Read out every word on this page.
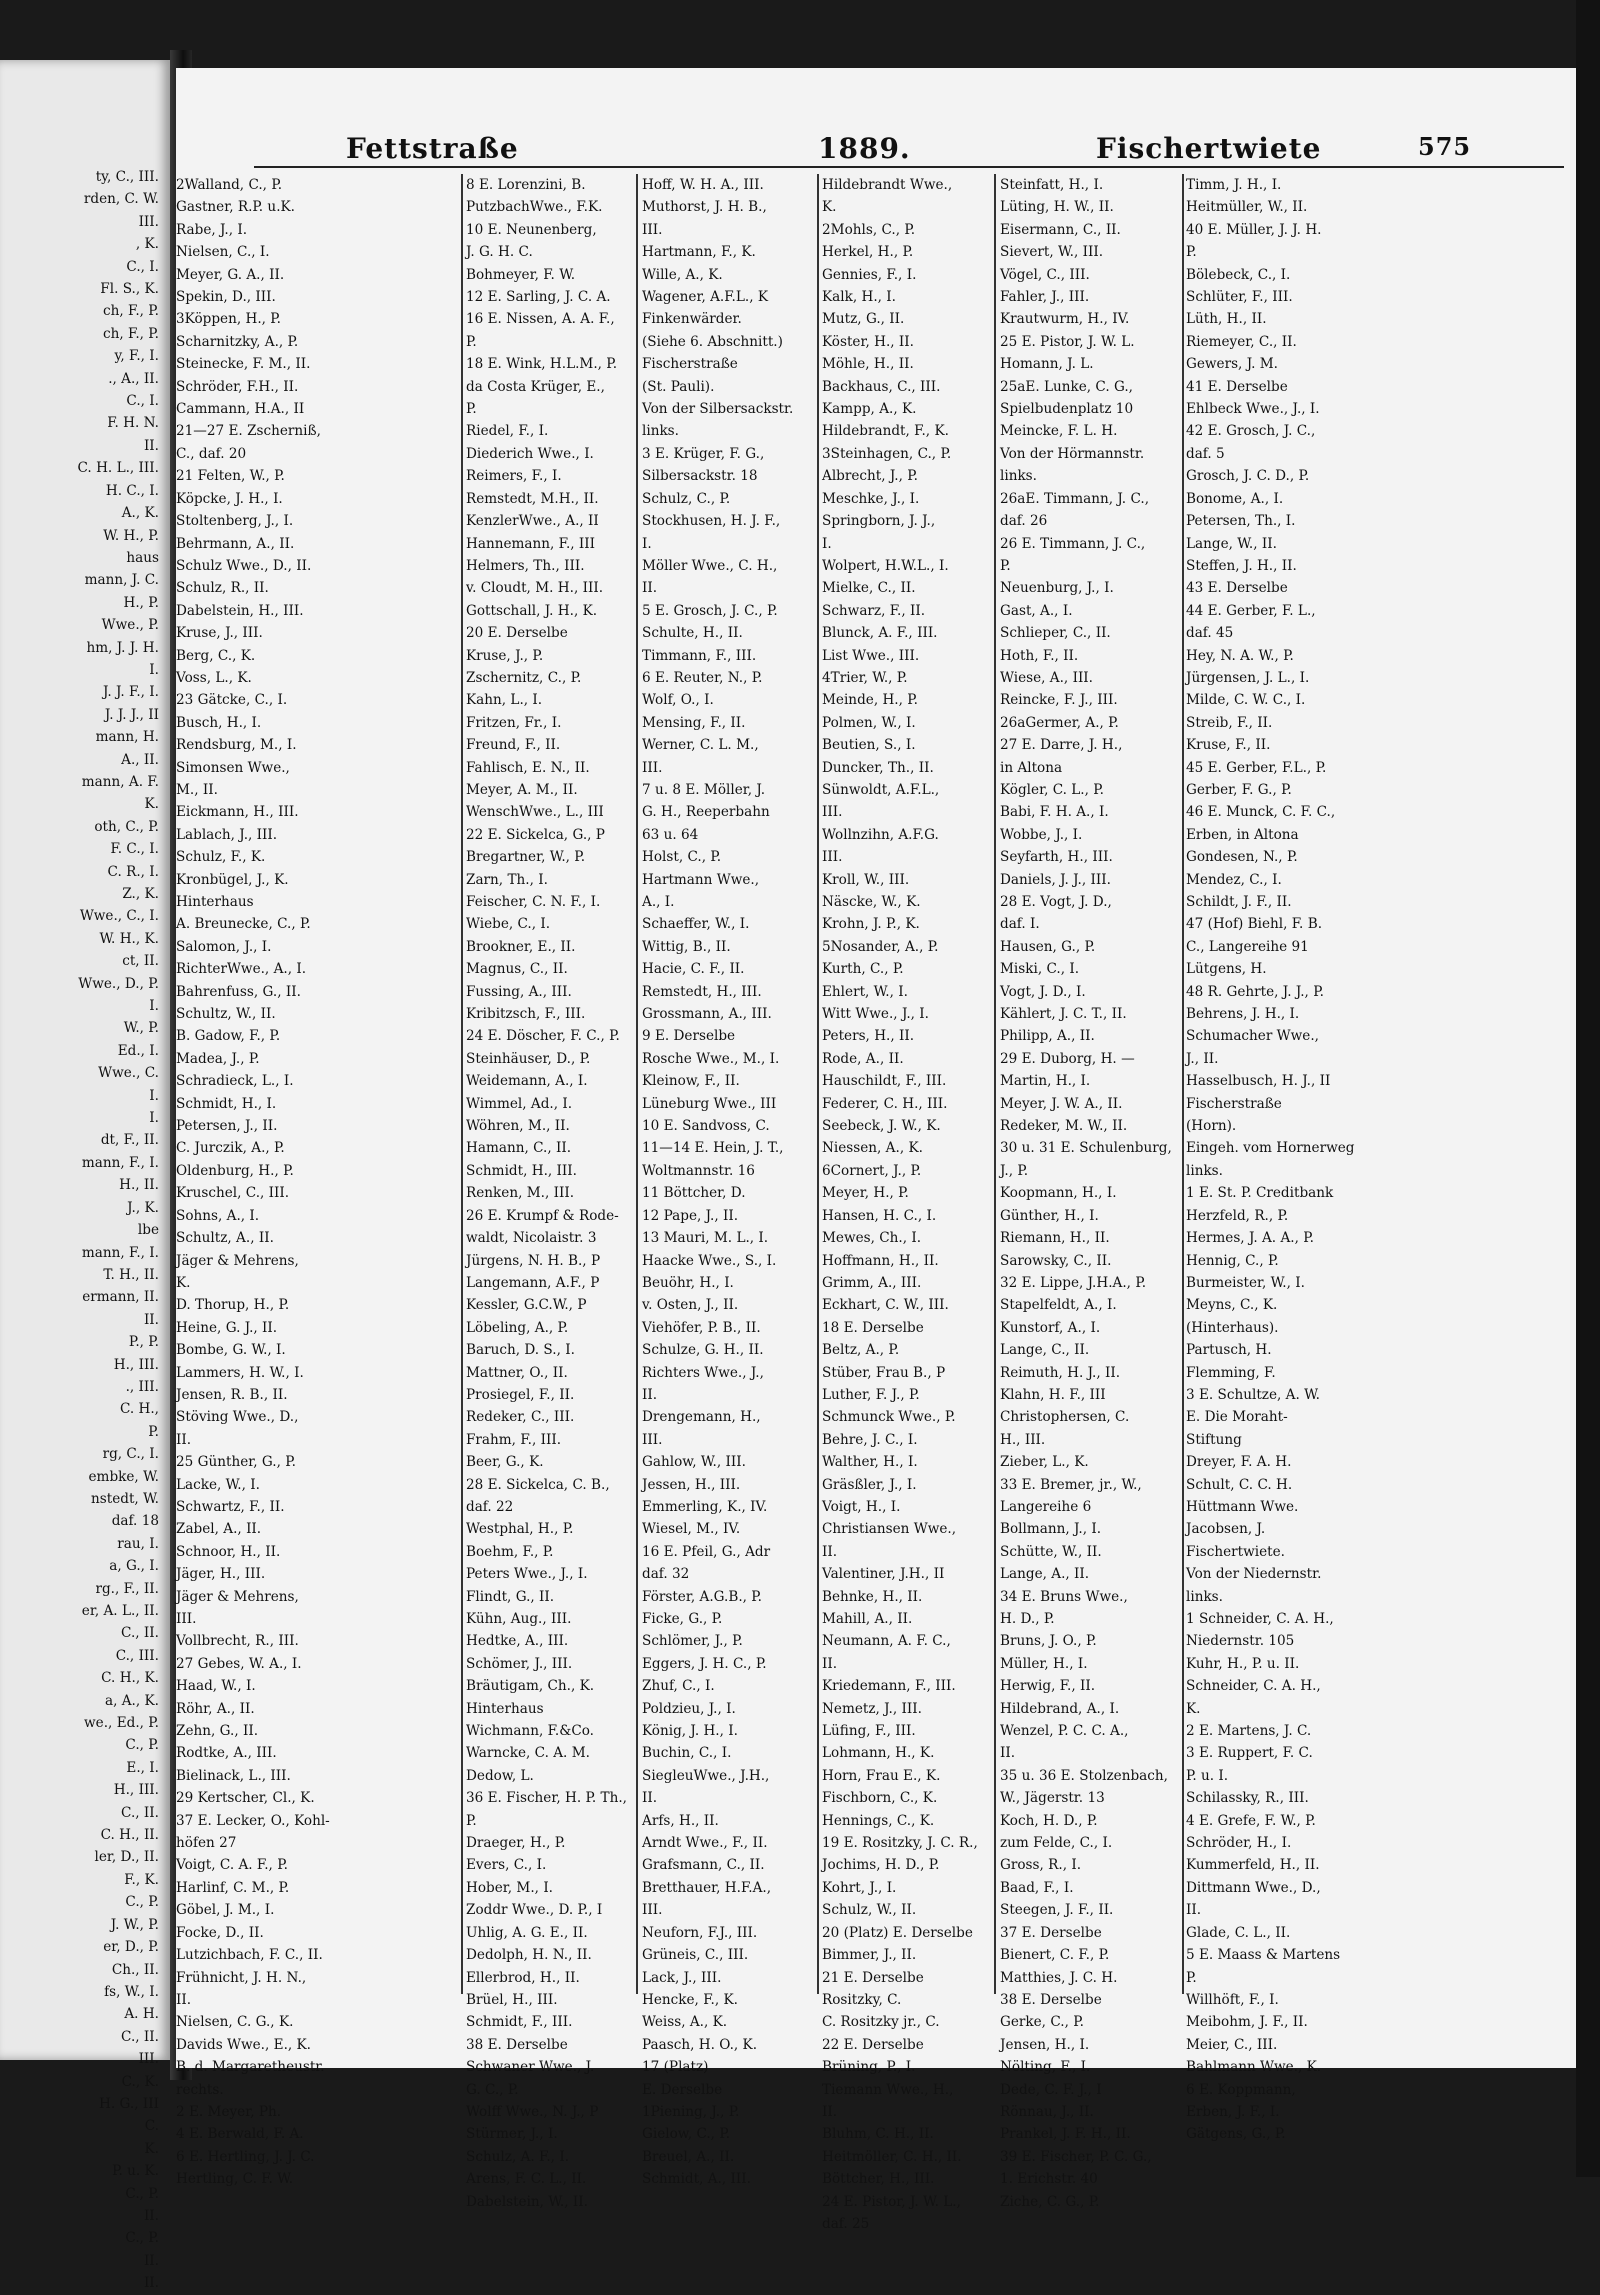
ty, C., III.
rden, C. W.
III.
, K.
C., I.
Fl. S., K.
ch, F., P.
ch, F., P.
y, F., I.
., A., II.
C., I.
F. H. N.
II.
C. H. L., III.
H. C., I.
A., K.
W. H., P.
haus
mann, J. C.
H., P.
Wwe., P.
hm, J. J. H.
I.
J. J. F., I.
J. J. J., II
mann, H.
A., II.
mann, A. F.
K.
oth, C., P.
F. C., I.
C. R., I.
Z., K.
Wwe., C., I.
W. H., K.
ct, II.
Wwe., D., P.
I.
W., P.
Ed., I.
Wwe., C.
I.
I.
dt, F., II.
mann, F., I.
H., II.
J., K.
lbe
mann, F., I.
T. H., II.
ermann, II.
II.
P., P.
H., III.
., III.
C. H.,
P.
rg, C., I.
embke, W.
nstedt, W.
daf. 18
rau, I.
a, G., I.
rg., F., II.
er, A. L., II.
C., II.
C., III.
C. H., K.
a, A., K.
we., Ed., P.
C., P.
E., I.
H., III.
C., II.
C. H., II.
ler, D., II.
F., K.
C., P.
J. W., P.
er, D., P.
Ch., II.
fs, W., I.
A. H.
C., II.
III.
C., K.
H. G., III
C.
K.
P. u. K.
C., P.
II.
C., P.
II.
II.
Fettstraße	1889.	Fischertwiete	575
2Walland, C., P.
Gastner, R.P. u.K.
Rabe, J., I.
Nielsen, C., I.
Meyer, G. A., II.
Spekin, D., III.
3Köppen, H., P.
Scharnitzky, A., P.
Steinecke, F. M., II.
Schröder, F.H., II.
Cammann, H.A., II
21—27 E. Zscherniß,
C., daf. 20
21 Felten, W., P.
Köpcke, J. H., I.
Stoltenberg, J., I.
Behrmann, A., II.
Schulz Wwe., D., II.
Schulz, R., II.
Dabelstein, H., III.
Kruse, J., III.
Berg, C., K.
Voss, L., K.
23 Gätcke, C., I.
Busch, H., I.
Rendsburg, M., I.
Simonsen Wwe.,
M., II.
Eickmann, H., III.
Lablach, J., III.
Schulz, F., K.
Kronbügel, J., K.
Hinterhaus
A. Breunecke, C., P.
Salomon, J., I.
RichterWwe., A., I.
Bahrenfuss, G., II.
Schultz, W., II.
B. Gadow, F., P.
Madea, J., P.
Schradieck, L., I.
Schmidt, H., I.
Petersen, J., II.
C. Jurczik, A., P.
Oldenburg, H., P.
Kruschel, C., III.
Sohns, A., I.
Schultz, A., II.
Jäger & Mehrens,
K.
D. Thorup, H., P.
Heine, G. J., II.
Bombe, G. W., I.
Lammers, H. W., I.
Jensen, R. B., II.
Stöving Wwe., D.,
II.
25 Günther, G., P.
Lacke, W., I.
Schwartz, F., II.
Zabel, A., II.
Schnoor, H., II.
Jäger, H., III.
Jäger & Mehrens,
III.
Vollbrecht, R., III.
27 Gebes, W. A., I.
Haad, W., I.
Röhr, A., II.
Zehn, G., II.
Rodtke, A., III.
Bielinack, L., III.
29 Kertscher, Cl., K.
37 E. Lecker, O., Kohl-
höfen 27
Voigt, C. A. F., P.
Harlinf, C. M., P.
Göbel, J. M., I.
Focke, D., II.
Lutzichbach, F. C., II.
Frühnicht, J. H. N.,
II.
Nielsen, C. G., K.
Davids Wwe., E., K.
B. d. Margaretheustr.
rechts.
2 E. Meyer, Ph.
4 E. Berwald, F. A.
6 E. Hertling, J. J. C.
Hertling, C. F. W.
8 E. Lorenzini, B.
PutzbachWwe., F.K.
10 E. Neunenberg,
J. G. H. C.
Bohmeyer, F. W.
12 E. Sarling, J. C. A.
16 E. Nissen, A. A. F.,
P.
18 E. Wink, H.L.M., P.
da Costa Krüger, E.,
P.
Riedel, F., I.
Diederich Wwe., I.
Reimers, F., I.
Remstedt, M.H., II.
KenzlerWwe., A., II
Hannemann, F., III
Helmers, Th., III.
v. Cloudt, M. H., III.
Gottschall, J. H., K.
20 E. Derselbe
Kruse, J., P.
Zschernitz, C., P.
Kahn, L., I.
Fritzen, Fr., I.
Freund, F., II.
Fahlisch, E. N., II.
Meyer, A. M., II.
WenschWwe., L., III
22 E. Sickelca, G., P
Bregartner, W., P.
Zarn, Th., I.
Feischer, C. N. F., I.
Wiebe, C., I.
Brookner, E., II.
Magnus, C., II.
Fussing, A., III.
Kribitzsch, F., III.
24 E. Döscher, F. C., P.
Steinhäuser, D., P.
Weidemann, A., I.
Wimmel, Ad., I.
Wöhren, M., II.
Hamann, C., II.
Schmidt, H., III.
Renken, M., III.
26 E. Krumpf & Rode-
waldt, Nicolaistr. 3
Jürgens, N. H. B., P
Langemann, A.F., P
Kessler, G.C.W., P
Löbeling, A., P.
Baruch, D. S., I.
Mattner, O., II.
Prosiegel, F., II.
Redeker, C., III.
Frahm, F., III.
Beer, G., K.
28 E. Sickelca, C. B.,
daf. 22
Westphal, H., P.
Boehm, F., P.
Peters Wwe., J., I.
Flindt, G., II.
Kühn, Aug., III.
Hedtke, A., III.
Schömer, J., III.
Bräutigam, Ch., K.
Hinterhaus
Wichmann, F.&Co.
Warncke, C. A. M.
Dedow, L.
36 E. Fischer, H. P. Th.,
P.
Draeger, H., P.
Evers, C., I.
Hober, M., I.
Zoddr Wwe., D. P., I
Uhlig, A. G. E., II.
Dedolph, H. N., II.
Ellerbrod, H., II.
Brüel, H., III.
Schmidt, F., III.
38 E. Derselbe
Schwaner Wwe., J.
G. C., P.
Wolff Wwe., N. J., P
Stürmer, J., I.
Schulz, A. F., I.
Arens, F. C. L., II.
Dabelstein, W., II.
Hoff, W. H. A., III.
Muthorst, J. H. B.,
III.
Hartmann, F., K.
Wille, A., K.
Wagener, A.F.L., K
Finkenwärder.
(Siehe 6. Abschnitt.)
Fischerstraße
(St. Pauli).
Von der Silbersackstr.
links.
3 E. Krüger, F. G.,
Silbersackstr. 18
Schulz, C., P.
Stockhusen, H. J. F.,
I.
Möller Wwe., C. H.,
II.
5 E. Grosch, J. C., P.
Schulte, H., II.
Timmann, F., III.
6 E. Reuter, N., P.
Wolf, O., I.
Mensing, F., II.
Werner, C. L. M.,
III.
7 u. 8 E. Möller, J.
G. H., Reeperbahn
63 u. 64
Holst, C., P.
Hartmann Wwe.,
A., I.
Schaeffer, W., I.
Wittig, B., II.
Hacie, C. F., II.
Remstedt, H., III.
Grossmann, A., III.
9 E. Derselbe
Rosche Wwe., M., I.
Kleinow, F., II.
Lüneburg Wwe., III
10 E. Sandvoss, C.
11—14 E. Hein, J. T.,
Woltmannstr. 16
11 Böttcher, D.
12 Pape, J., II.
13 Mauri, M. L., I.
Haacke Wwe., S., I.
Beuöhr, H., I.
v. Osten, J., II.
Viehöfer, P. B., II.
Schulze, G. H., II.
Richters Wwe., J.,
II.
Drengemann, H.,
III.
Gahlow, W., III.
Jessen, H., III.
Emmerling, K., IV.
Wiesel, M., IV.
16 E. Pfeil, G., Adr
daf. 32
Förster, A.G.B., P.
Ficke, G., P.
Schlömer, J., P.
Eggers, J. H. C., P.
Zhuf, C., I.
Poldzieu, J., I.
König, J. H., I.
Buchin, C., I.
SiegleuWwe., J.H.,
II.
Arfs, H., II.
Arndt Wwe., F., II.
Grafsmann, C., II.
Bretthauer, H.F.A.,
III.
Neuforn, F.J., III.
Grüneis, C., III.
Lack, J., III.
Hencke, F., K.
Weiss, A., K.
Paasch, H. O., K.
17 (Platz)
E. Derselbe
1Piening, J., P.
Gielow, C., P.
Breuel, A., II.
Schmidt, A., III.
Hildebrandt Wwe.,
K.
2Mohls, C., P.
Herkel, H., P.
Gennies, F., I.
Kalk, H., I.
Mutz, G., II.
Köster, H., II.
Möhle, H., II.
Backhaus, C., III.
Kampp, A., K.
Hildebrandt, F., K.
3Steinhagen, C., P.
Albrecht, J., P.
Meschke, J., I.
Springborn, J. J.,
I.
Wolpert, H.W.L., I.
Mielke, C., II.
Schwarz, F., II.
Blunck, A. F., III.
List Wwe., III.
4Trier, W., P.
Meinde, H., P.
Polmen, W., I.
Beutien, S., I.
Duncker, Th., II.
Sünwoldt, A.F.L.,
III.
Wollnzihn, A.F.G.
III.
Kroll, W., III.
Näscke, W., K.
Krohn, J. P., K.
5Nosander, A., P.
Kurth, C., P.
Ehlert, W., I.
Witt Wwe., J., I.
Peters, H., II.
Rode, A., II.
Hauschildt, F., III.
Federer, C. H., III.
Seebeck, J. W., K.
Niessen, A., K.
6Cornert, J., P.
Meyer, H., P.
Hansen, H. C., I.
Mewes, Ch., I.
Hoffmann, H., II.
Grimm, A., III.
Eckhart, C. W., III.
18 E. Derselbe
Beltz, A., P.
Stüber, Frau B., P
Luther, F. J., P.
Schmunck Wwe., P.
Behre, J. C., I.
Walther, H., I.
Gräsßler, J., I.
Voigt, H., I.
Christiansen Wwe.,
II.
Valentiner, J.H., II
Behnke, H., II.
Mahill, A., II.
Neumann, A. F. C.,
II.
Kriedemann, F., III.
Nemetz, J., III.
Lüfing, F., III.
Lohmann, H., K.
Horn, Frau E., K.
Fischborn, C., K.
Hennings, C., K.
19 E. Rositzky, J. C. R.,
Jochims, H. D., P.
Kohrt, J., I.
Schulz, W., II.
20 (Platz) E. Derselbe
Bimmer, J., II.
21 E. Derselbe
Rositzky, C.
C. Rositzky jr., C.
22 E. Derselbe
Brüning, P., I.
Tiemann Wwe., H.,
II.
Bluhm, C. H., II.
Heitmöller, C. H., II.
Böttcher, H., III.
24 E. Pistor, J. W. L.,
daf. 25
Steinfatt, H., I.
Lüting, H. W., II.
Eisermann, C., II.
Sievert, W., III.
Vögel, C., III.
Fahler, J., III.
Krautwurm, H., IV.
25 E. Pistor, J. W. L.
Homann, J. L.
25aE. Lunke, C. G.,
Spielbudenplatz 10
Meincke, F. L. H.
Von der Hörmannstr.
links.
26aE. Timmann, J. C.,
daf. 26
26 E. Timmann, J. C.,
P.
Neuenburg, J., I.
Gast, A., I.
Schlieper, C., II.
Hoth, F., II.
Wiese, A., III.
Reincke, F. J., III.
26aGermer, A., P.
27 E. Darre, J. H.,
in Altona
Kögler, C. L., P.
Babi, F. H. A., I.
Wobbe, J., I.
Seyfarth, H., III.
Daniels, J. J., III.
28 E. Vogt, J. D.,
daf. I.
Hausen, G., P.
Miski, C., I.
Vogt, J. D., I.
Kählert, J. C. T., II.
Philipp, A., II.
29 E. Duborg, H. —
Martin, H., I.
Meyer, J. W. A., II.
Redeker, M. W., II.
30 u. 31 E. Schulenburg,
J., P.
Koopmann, H., I.
Günther, H., I.
Riemann, H., II.
Sarowsky, C., II.
32 E. Lippe, J.H.A., P.
Stapelfeldt, A., I.
Kunstorf, A., I.
Lange, C., II.
Reimuth, H. J., II.
Klahn, H. F., III
Christophersen, C.
H., III.
Zieber, L., K.
33 E. Bremer, jr., W.,
Langereihe 6
Bollmann, J., I.
Schütte, W., II.
Lange, A., II.
34 E. Bruns Wwe.,
H. D., P.
Bruns, J. O., P.
Müller, H., I.
Herwig, F., II.
Hildebrand, A., I.
Wenzel, P. C. C. A.,
II.
35 u. 36 E. Stolzenbach,
W., Jägerstr. 13
Koch, H. D., P.
zum Felde, C., I.
Gross, R., I.
Baad, F., I.
Steegen, J. F., II.
37 E. Derselbe
Bienert, C. F., P.
Matthies, J. C. H.
38 E. Derselbe
Gerke, C., P.
Jensen, H., I.
Nölting, F., I.
Dede, C. F. J., I
Rönnau, J., II.
Prankel, J. F. H., II.
39 E. Fischer, P. C. G.,
1. Erichstr. 40
Ziche, C. G., P.
Timm, J. H., I.
Heitmüller, W., II.
40 E. Müller, J. J. H.
P.
Bölebeck, C., I.
Schlüter, F., III.
Lüth, H., II.
Riemeyer, C., II.
Gewers, J. M.
41 E. Derselbe
Ehlbeck Wwe., J., I.
42 E. Grosch, J. C.,
daf. 5
Grosch, J. C. D., P.
Bonome, A., I.
Petersen, Th., I.
Lange, W., II.
Steffen, J. H., II.
43 E. Derselbe
44 E. Gerber, F. L.,
daf. 45
Hey, N. A. W., P.
Jürgensen, J. L., I.
Milde, C. W. C., I.
Streib, F., II.
Kruse, F., II.
45 E. Gerber, F.L., P.
Gerber, F. G., P.
46 E. Munck, C. F. C.,
Erben, in Altona
Gondesen, N., P.
Mendez, C., I.
Schildt, J. F., II.
47 (Hof) Biehl, F. B.
C., Langereihe 91
Lütgens, H.
48 R. Gehrte, J. J., P.
Behrens, J. H., I.
Schumacher Wwe.,
J., II.
Hasselbusch, H. J., II
Fischerstraße
(Horn).
Eingeh. vom Hornerweg
links.
1 E. St. P. Creditbank
Herzfeld, R., P.
Hermes, J. A. A., P.
Hennig, C., P.
Burmeister, W., I.
Meyns, C., K.
(Hinterhaus).
Partusch, H.
Flemming, F.
3 E. Schultze, A. W.
E. Die Moraht-
Stiftung
Dreyer, F. A. H.
Schult, C. C. H.
Hüttmann Wwe.
Jacobsen, J.
Fischertwiete.
Von der Niedernstr.
links.
1 Schneider, C. A. H.,
Niedernstr. 105
Kuhr, H., P. u. II.
Schneider, C. A. H.,
K.
2 E. Martens, J. C.
3 E. Ruppert, F. C.
P. u. I.
Schilassky, R., III.
4 E. Grefe, F. W., P.
Schröder, H., I.
Kummerfeld, H., II.
Dittmann Wwe., D.,
II.
Glade, C. L., II.
5 E. Maass & Martens
P.
Willhöft, F., I.
Meibohm, J. F., II.
Meier, C., III.
Bahlmann Wwe., K.
6 E. Koppmann,
Erben, J. F., I.
Gätgens, G., P.
